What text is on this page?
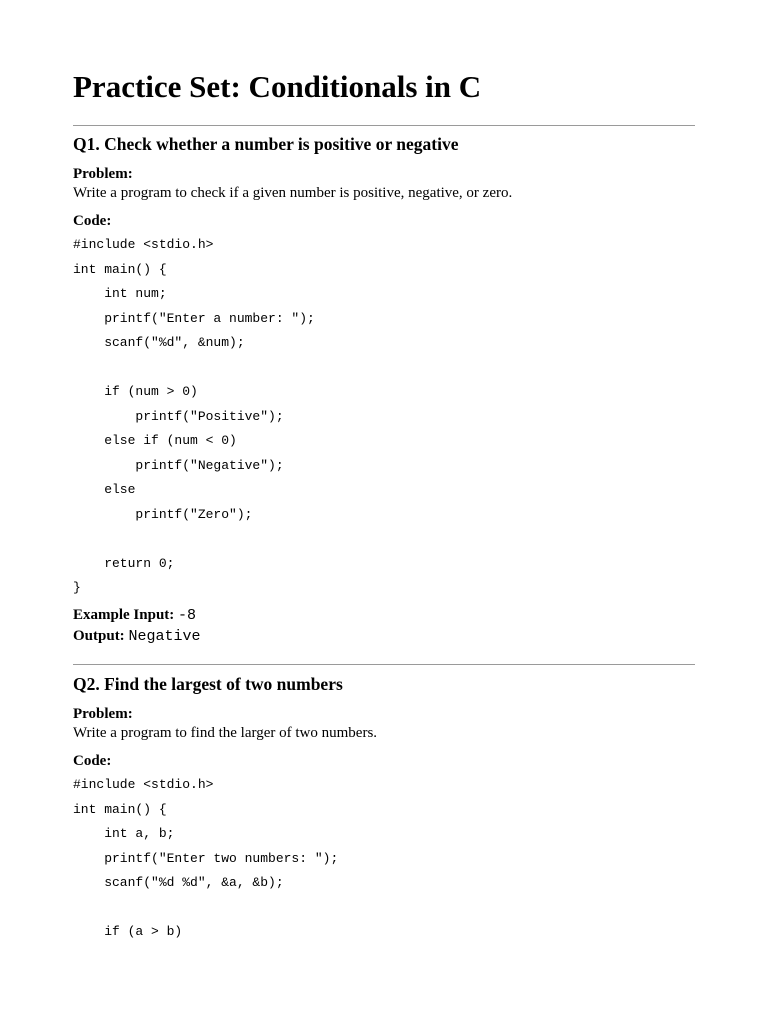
Practice Set: Conditionals in C
Q1. Check whether a number is positive or negative
Problem:
Write a program to check if a given number is positive, negative, or zero.
Code:
#include <stdio.h>
int main() {
int num;
printf("Enter a number: ");
scanf("%d", &num);
if (num > 0)
printf("Positive");
else if (num < 0)
printf("Negative");
else
printf("Zero");
return 0;
}
Example Input: -8
Output: Negative
Q2. Find the largest of two numbers
Problem:
Write a program to find the larger of two numbers.
Code:
#include <stdio.h>
int main() {
int a, b;
printf("Enter two numbers: ");
scanf("%d %d", &a, &b);
if (a > b)
